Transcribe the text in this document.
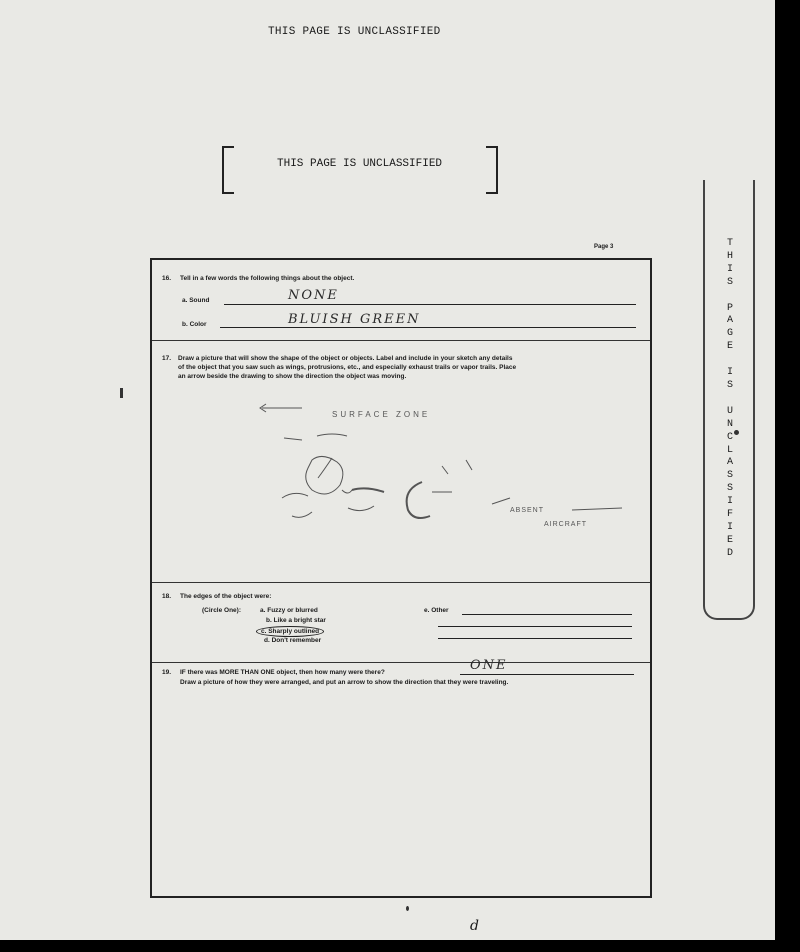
THIS PAGE IS UNCLASSIFIED
THIS PAGE IS UNCLASSIFIED
Page 3	T
H
I
S

P
A
G
E

I
S

U
N
C
L
A
S
S
I
F
I
E
D
16. Tell in a few words the following things about the object.
a. Sound	NONE
b. Color	BLUISH GREEN
17. Draw a picture that will show the shape of the object or objects. Label and include in your sketch any details
of the object that you saw such as wings, protrusions, etc., and especially exhaust trails or vapor trails. Place
an arrow beside the drawing to show the direction the object was moving.
SURFACE ZONE
ABSENT
AIRCRAFT
18. The edges of the object were:
(Circle One):	a. Fuzzy or blurred
b. Like a bright star
c. Sharply outlined
d. Don't remember
e. Other
19. IF there was MORE THAN ONE object, then how many were there?	ONE
Draw a picture of how they were arranged, and put an arrow to show the direction that they were traveling.
d
